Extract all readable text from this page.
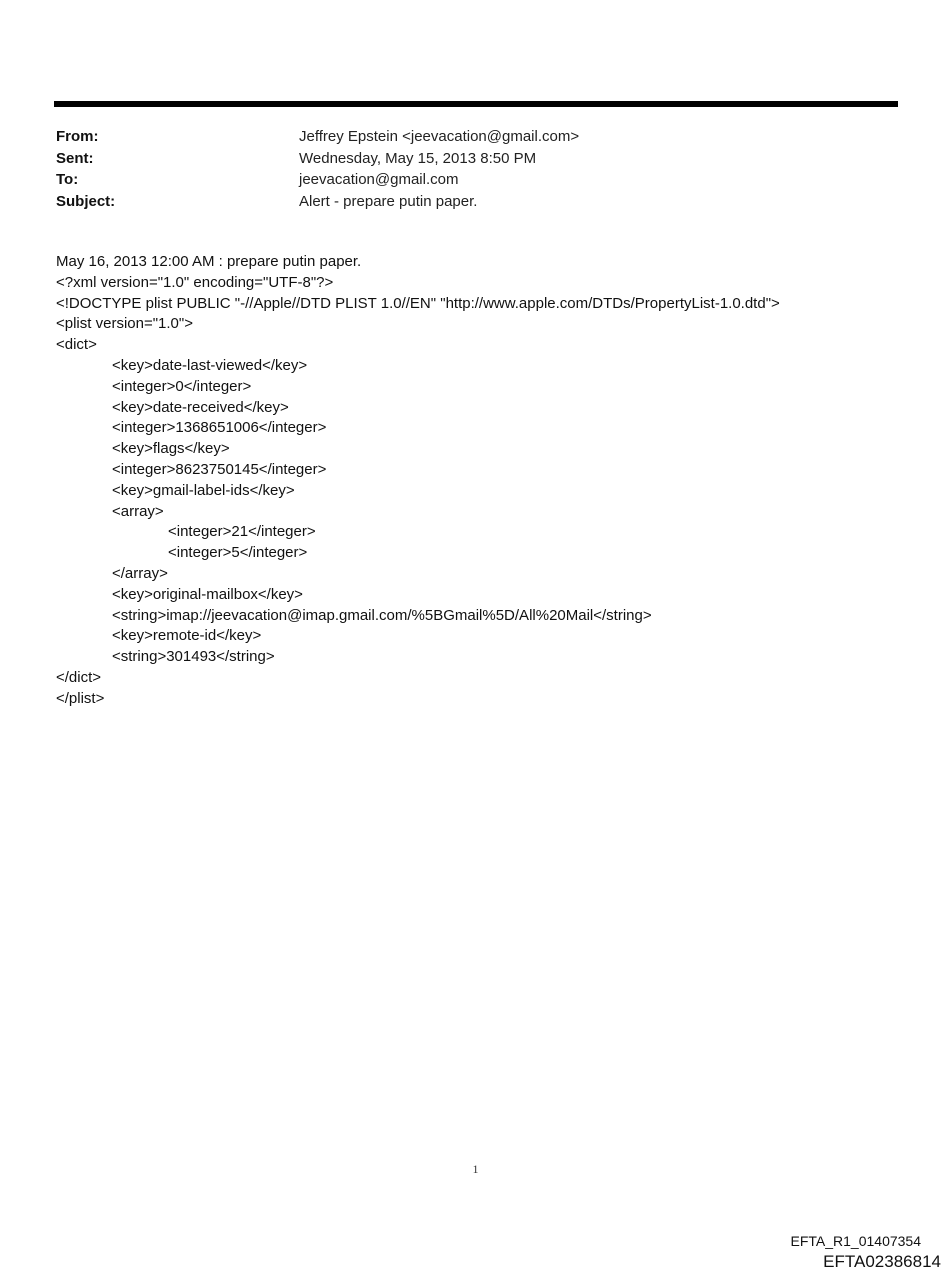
From:	Jeffrey Epstein <jeevacation@gmail.com>
Sent:	Wednesday, May 15, 2013 8:50 PM
To:	jeevacation@gmail.com
Subject:	Alert - prepare putin paper.
May 16, 2013 12:00 AM : prepare putin paper.
<?xml version="1.0" encoding="UTF-8"?>
<!DOCTYPE plist PUBLIC "-//Apple//DTD PLIST 1.0//EN" "http://www.apple.com/DTDs/PropertyList-1.0.dtd">
<plist version="1.0">
<dict>
<key>date-last-viewed</key>
<integer>0</integer>
<key>date-received</key>
<integer>1368651006</integer>
<key>flags</key>
<integer>8623750145</integer>
<key>gmail-label-ids</key>
<array>
<integer>21</integer>
<integer>5</integer>
</array>
<key>original-mailbox</key>
<string>imap://jeevacation@imap.gmail.com/%5BGmail%5D/All%20Mail</string>
<key>remote-id</key>
<string>301493</string>
</dict>
</plist>
1
EFTA_R1_01407354
EFTA02386814
